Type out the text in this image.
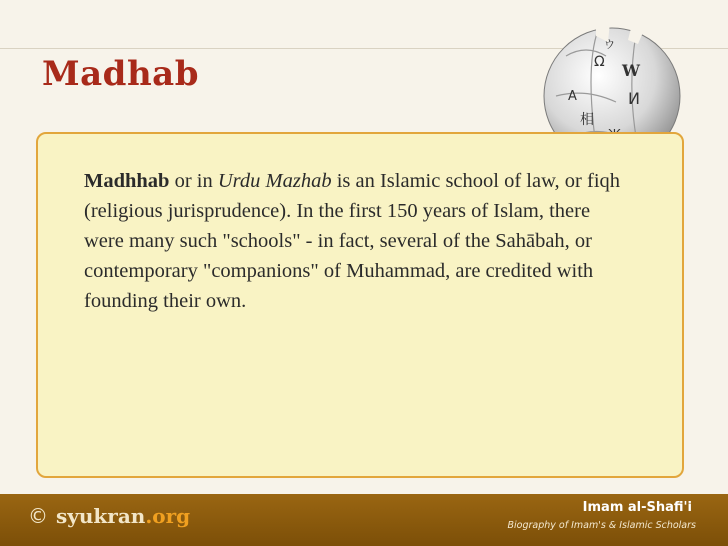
Madhab	Ω W
И
A
相
ウ

Madhhab or in Urdu Mazhab is an Islamic school of law, or fiqh (religious jurisprudence). In the first 150 years of Islam, there were many such "schools" - in fact, several of the Sahābah, or contemporary "companions" of Muhammad, are credited with founding their own.

© syukran.org	Imam al-Shafi'i
Biography of Imam's & Islamic Scholars
